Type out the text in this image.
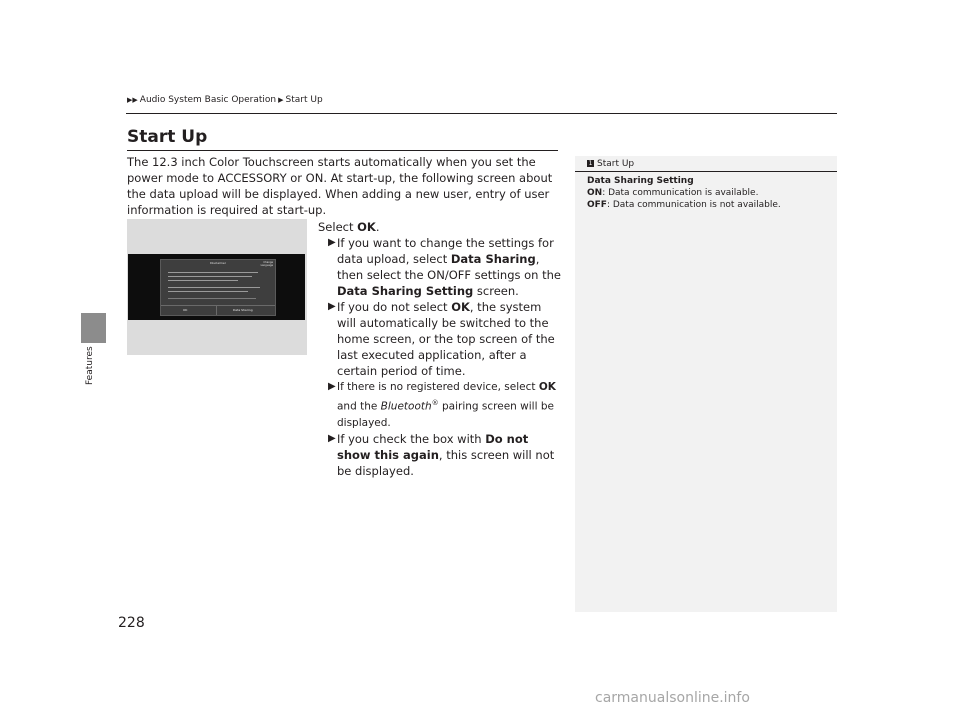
Features
228
▶▶ Audio System Basic Operation ▶ Start Up
Start Up

The 12.3 inch Color Touchscreen starts automatically when you set the power mode to ACCESSORY or ON. At start-up, the following screen about the data upload will be displayed. When adding a new user, entry of user information is required at start-up.

Disclaimer	Change
Language
OK	Data Sharing

Select OK.

▶ If you want to change the settings for data upload, select Data Sharing, then select the ON/OFF settings on the Data Sharing Setting screen.

▶ If you do not select OK, the system will automatically be switched to the home screen, or the top screen of the last executed application, after a certain period of time.

▶ If there is no registered device, select OK and the Bluetooth® pairing screen will be displayed.

▶ If you check the box with Do not show this again, this screen will not be displayed.

1 Start Up

Data Sharing Setting

ON: Data communication is available.

OFF: Data communication is not available.

carmanualsonline.info
